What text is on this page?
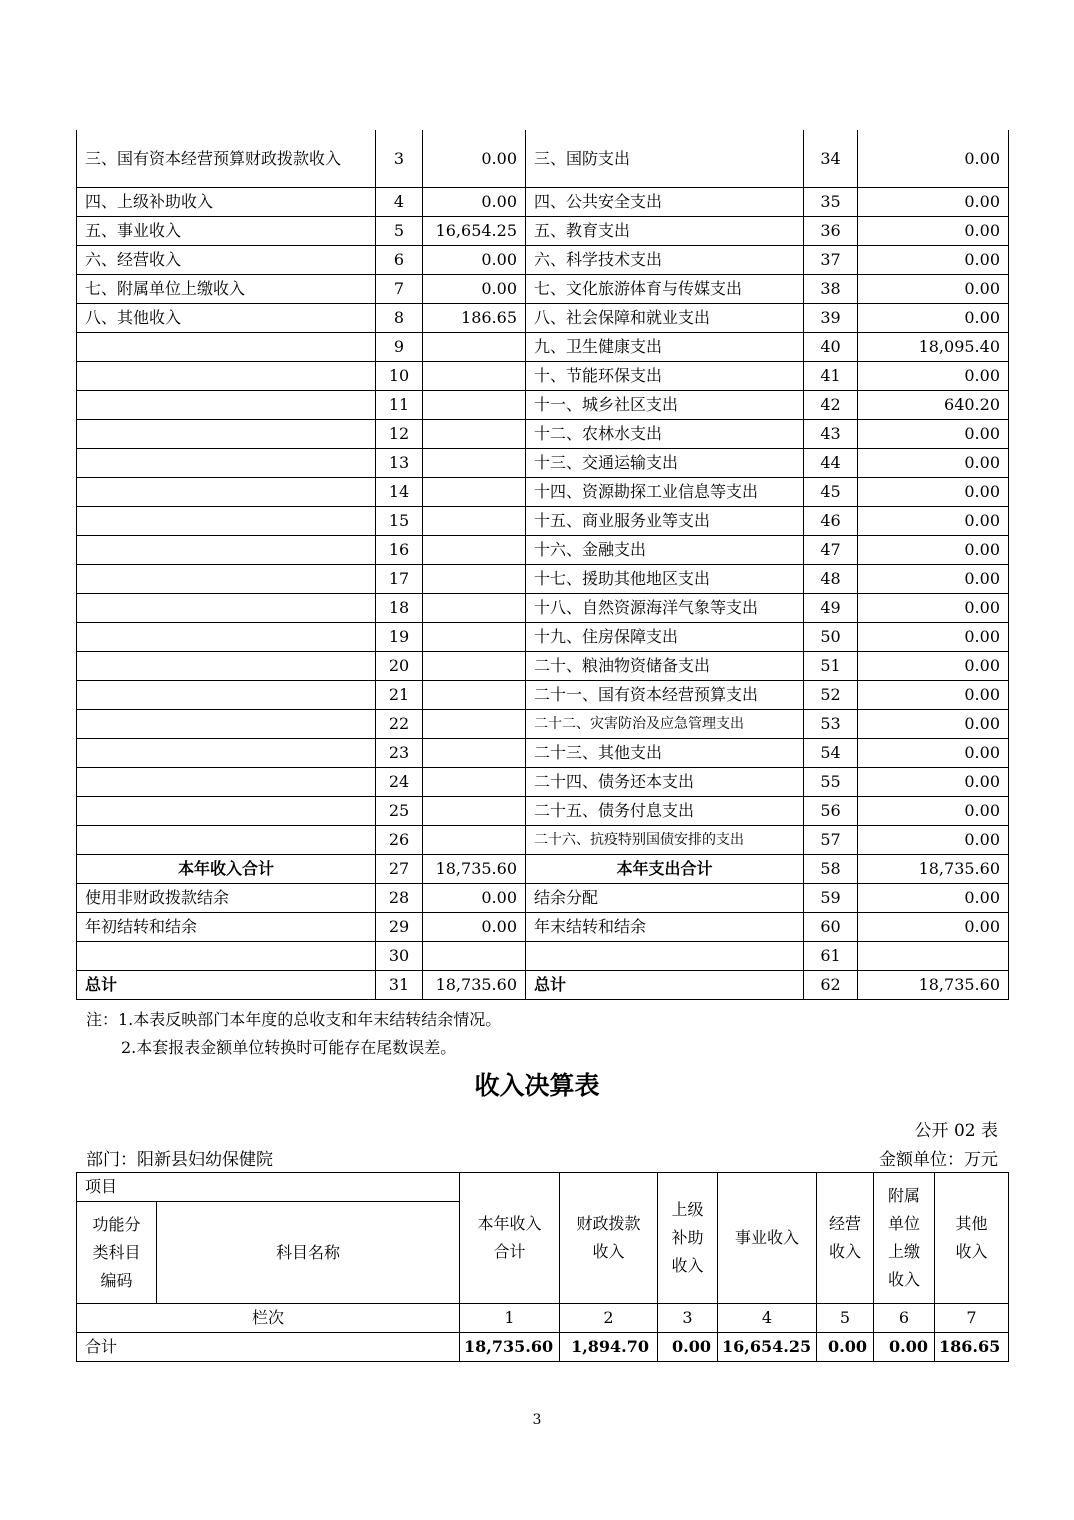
三、国有资本经营预算财政拨款收入	3	0.00	三、国防支出	34	0.00
四、上级补助收入	4	0.00	四、公共安全支出	35	0.00
五、事业收入	5	16,654.25	五、教育支出	36	0.00
六、经营收入	6	0.00	六、科学技术支出	37	0.00
七、附属单位上缴收入	7	0.00	七、文化旅游体育与传媒支出	38	0.00
八、其他收入	8	186.65	八、社会保障和就业支出	39	0.00
	9		九、卫生健康支出	40	18,095.40
	10		十、节能环保支出	41	0.00
	11		十一、城乡社区支出	42	640.20
	12		十二、农林水支出	43	0.00
	13		十三、交通运输支出	44	0.00
	14		十四、资源勘探工业信息等支出	45	0.00
	15		十五、商业服务业等支出	46	0.00
	16		十六、金融支出	47	0.00
	17		十七、援助其他地区支出	48	0.00
	18		十八、自然资源海洋气象等支出	49	0.00
	19		十九、住房保障支出	50	0.00
	20		二十、粮油物资储备支出	51	0.00
	21		二十一、国有资本经营预算支出	52	0.00
	22		二十二、灾害防治及应急管理支出	53	0.00
	23		二十三、其他支出	54	0.00
	24		二十四、债务还本支出	55	0.00
	25		二十五、债务付息支出	56	0.00
	26		二十六、抗疫特别国债安排的支出	57	0.00
本年收入合计	27	18,735.60	本年支出合计	58	18,735.60
使用非财政拨款结余	28	0.00	结余分配	59	0.00
年初结转和结余	29	0.00	年末结转和结余	60	0.00
	30			61	
总计	31	18,735.60	总计	62	18,735.60
注：1.本表反映部门本年度的总收支和年末结转结余情况。
2.本套报表金额单位转换时可能存在尾数误差。
收入决算表
公开 02 表
部门：阳新县妇幼保健院	金额单位：万元
项目		本年收入合计	财政拨款收入	上级补助收入	事业收入	经营收入	附属单位上缴收入	其他收入

功能分类科目编码	科目名称							
栏次		1	2	3	4	5	6	7
合计		18,735.60	1,894.70	0.00	16,654.25	0.00	0.00	186.65
3
